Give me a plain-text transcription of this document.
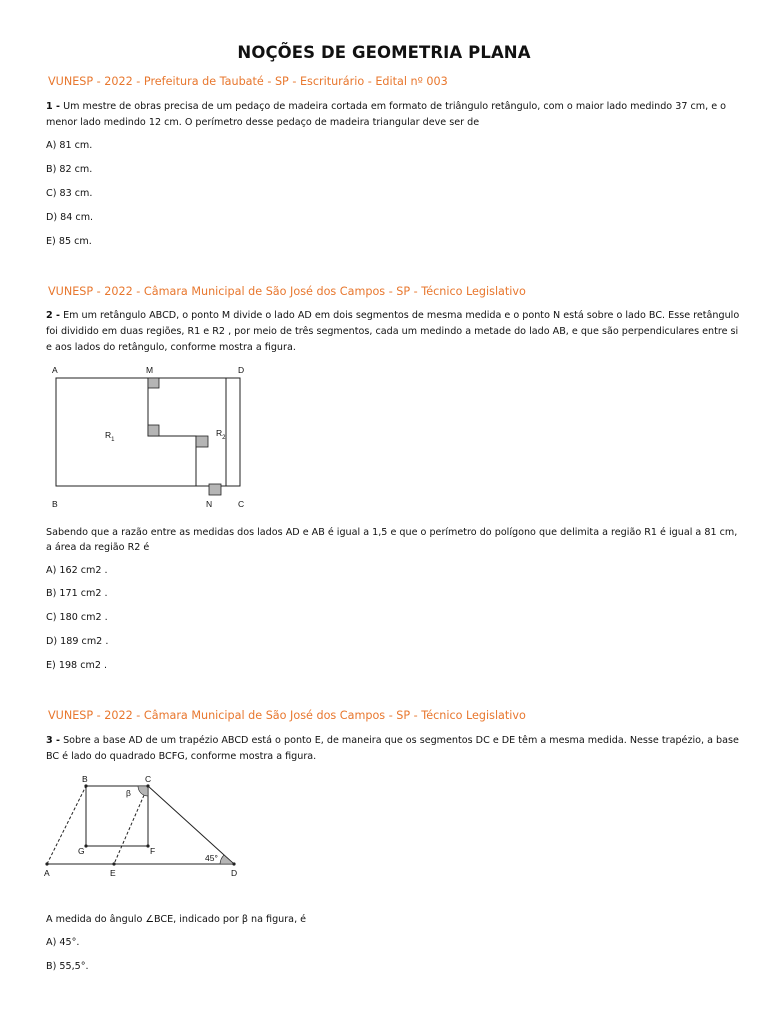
NOÇÕES DE GEOMETRIA PLANA
VUNESP - 2022 - Prefeitura de Taubaté - SP - Escriturário - Edital nº 003
1 - Um mestre de obras precisa de um pedaço de madeira cortada em formato de triângulo retângulo, com o maior lado medindo 37 cm, e o
menor lado medindo 12 cm. O perímetro desse pedaço de madeira triangular deve ser de
A) 81 cm.
B) 82 cm.
C) 83 cm.
D) 84 cm.
E) 85 cm.
VUNESP - 2022 - Câmara Municipal de São José dos Campos - SP - Técnico Legislativo
2 - Em um retângulo ABCD, o ponto M divide o lado AD em dois segmentos de mesma medida e o ponto N está sobre o lado BC. Esse retângulo
foi dividido em duas regiões, R1 e R2 , por meio de três segmentos, cada um medindo a metade do lado AB, e que são perpendiculares entre si
e aos lados do retângulo, conforme mostra a figura.
A	M	D
B	N	C
$R_1$
$R_2$
Sabendo que a razão entre as medidas dos lados AD e AB é igual a 1,5 e que o perímetro do polígono que delimita a região R1 é igual a 81 cm,
a área da região R2 é
A) 162 cm2 .
B) 171 cm2 .
C) 180 cm2 .
D) 189 cm2 .
E) 198 cm2 .
VUNESP - 2022 - Câmara Municipal de São José dos Campos - SP - Técnico Legislativo
3 - Sobre a base AD de um trapézio ABCD está o ponto E, de maneira que os segmentos DC e DE têm a mesma medida. Nesse trapézio, a base
BC é lado do quadrado BCFG, conforme mostra a figura.
B	C
β
G	F
45°
A	E	D
A medida do ângulo ∠BCE, indicado por β na figura, é
A) 45°.
B) 55,5°.
